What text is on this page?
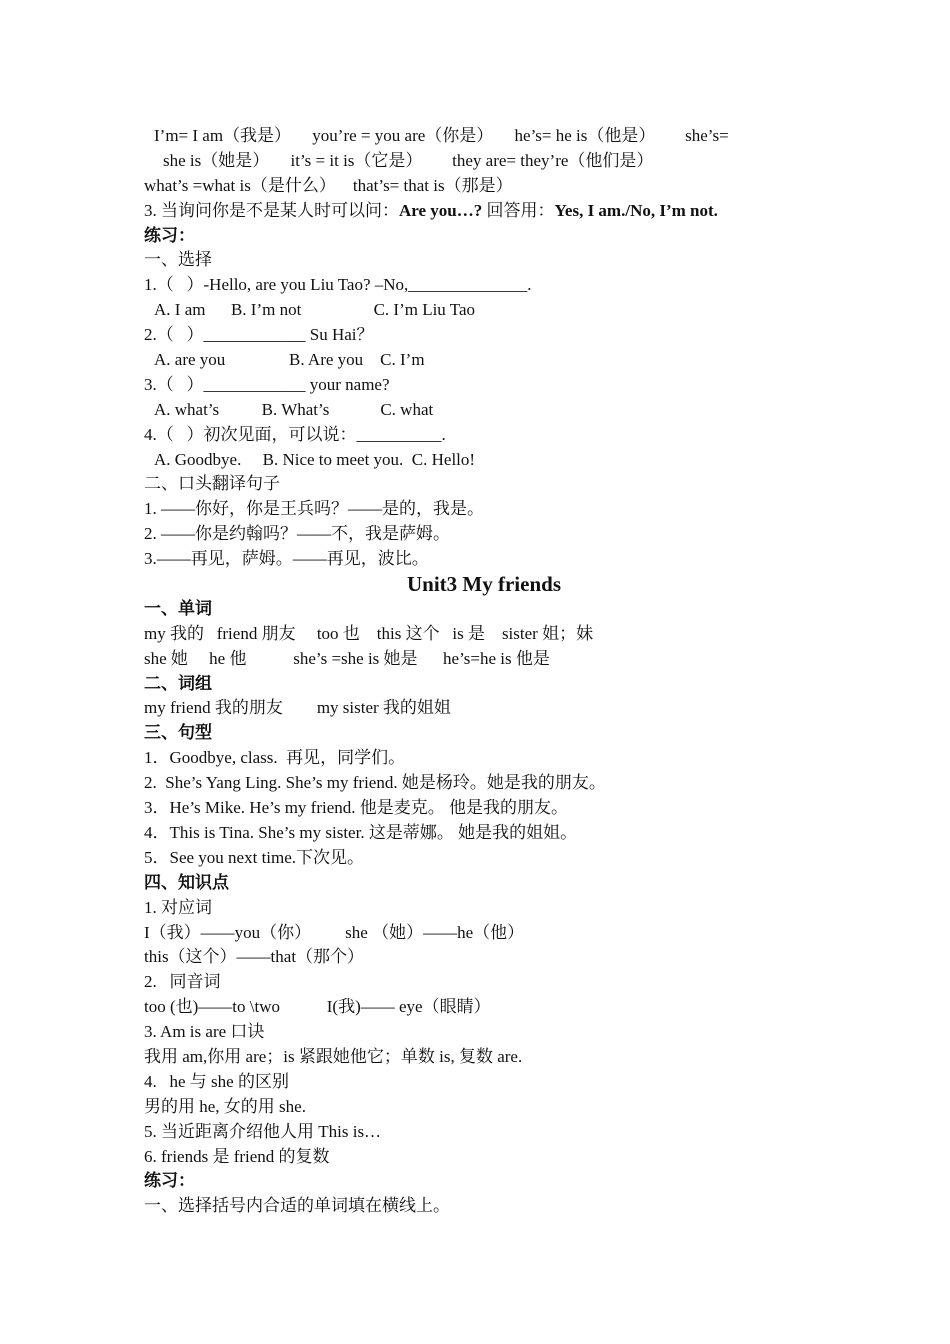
I’m= I am（我是）     you’re = you are（你是）     he’s= he is（他是）       she’s=
she is（她是）     it’s = it is（它是）       they are= they’re（他们是）
what’s =what is（是什么）    that’s= that is（那是）
3. 当询问你是不是某人时可以问：Are you…? 回答用：Yes, I am./No, I’m not.
练习：
一、选择
1.（   ）-Hello, are you Liu Tao? –No,______________.
A. I am      B. I’m not                 C. I’m Liu Tao
2.（   ）____________ Su Hai？
A. are you               B. Are you    C. I’m
3.（   ）____________ your name?
A. what’s          B. What’s            C. what
4.（   ）初次见面，可以说：__________.
A. Goodbye.     B. Nice to meet you.  C. Hello!
二、口头翻译句子
1. ——你好，你是王兵吗？——是的，我是。
2. ——你是约翰吗？——不，我是萨姆。
3.——再见，萨姆。——再见，波比。
Unit3 My friends
一、单词
my 我的   friend 朋友     too 也    this 这个   is 是    sister 姐；妹
she 她     he 他           she’s =she is 她是      he’s=he is 他是
二、词组
my friend 我的朋友        my sister 我的姐姐
三、句型
1．Goodbye, class.  再见，同学们。
2.  She’s Yang Ling. She’s my friend. 她是杨玲。她是我的朋友。
3．He’s Mike. He’s my friend. 他是麦克。 他是我的朋友。
4．This is Tina. She’s my sister. 这是蒂娜。 她是我的姐姐。
5．See you next time.下次见。
四、知识点
1. 对应词
I（我）——you（你）        she （她）——he（他）
this（这个）——that（那个）
2.   同音词
too (也)——to \two           I(我)—— eye（眼睛）
3. Am is are 口诀
我用 am,你用 are；is 紧跟她他它；单数 is, 复数 are.
4.   he 与 she 的区别
男的用 he, 女的用 she.
5. 当近距离介绍他人用 This is…
6. friends 是 friend 的复数
练习：
一、选择括号内合适的单词填在横线上。
